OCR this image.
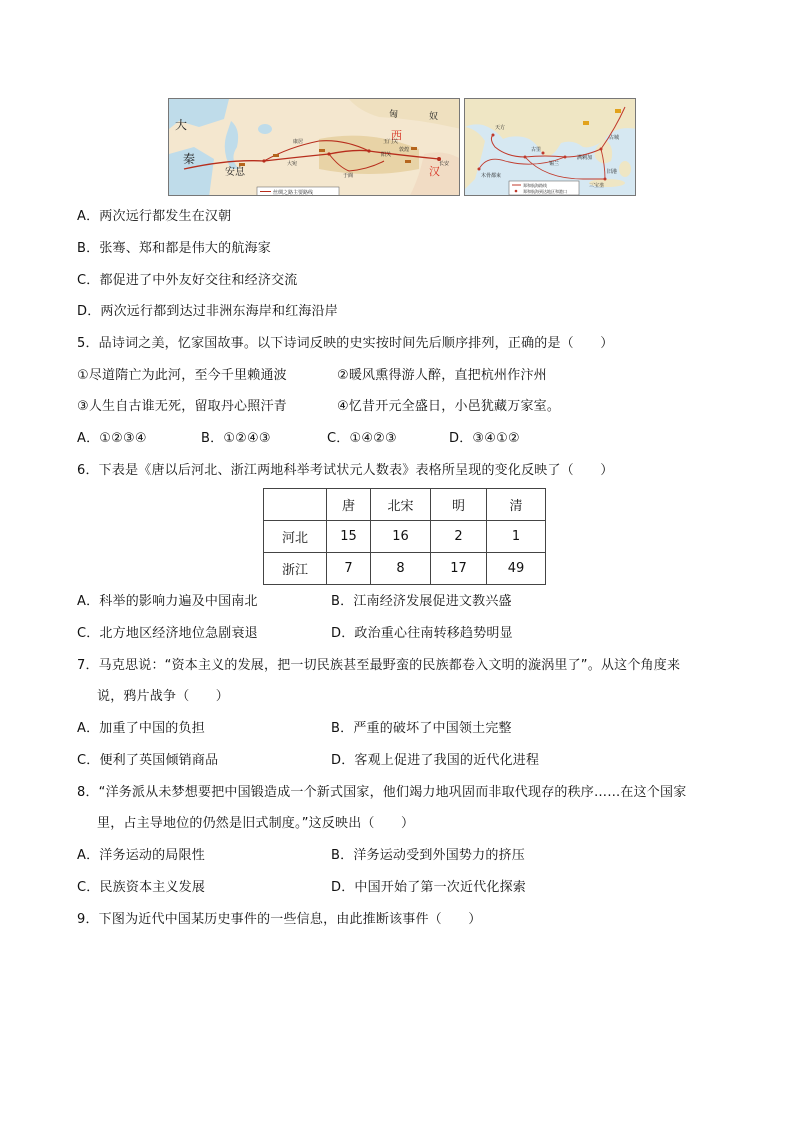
大
秦
安息
大宛
康居
匈	奴
西
汉
长安
于阗
玉门关
阳关
敦煌
丝绸之路主要路线
天方
锡兰
古里
满剌加
木骨都束
三宝垄
旧港
占城
郑和航海路线
郑和航海到达地区和港口
A．两次远行都发生在汉朝
B．张骞、郑和都是伟大的航海家
C．都促进了中外友好交往和经济交流
D．两次远行都到达过非洲东海岸和红海沿岸
5．品诗词之美，忆家国故事。以下诗词反映的史实按时间先后顺序排列，正确的是（　　）
①尽道隋亡为此河，至今千里赖通波	②暖风熏得游人醉，直把杭州作汴州
③人生自古谁无死，留取丹心照汗青	④忆昔开元全盛日，小邑犹藏万家室。
A．①②③④	B．①②④③	C．①④②③	D．③④①②
6．下表是《唐以后河北、浙江两地科举考试状元人数表》表格所呈现的变化反映了（　　）
	唐	北宋	明	清
河北	15	16	2	1
浙江	7	8	17	49
A．科举的影响力遍及中国南北	B．江南经济发展促进文教兴盛
C．北方地区经济地位急剧衰退	D．政治重心往南转移趋势明显
7．马克思说：“资本主义的发展，把一切民族甚至最野蛮的民族都卷入文明的漩涡里了”。从这个角度来
说，鸦片战争（　　）
A．加重了中国的负担	B．严重的破坏了中国领土完整
C．便利了英国倾销商品	D．客观上促进了我国的近代化进程
8．“洋务派从未梦想要把中国锻造成一个新式国家，他们竭力地巩固而非取代现存的秩序……在这个国家
里，占主导地位的仍然是旧式制度。”这反映出（　　）
A．洋务运动的局限性	B．洋务运动受到外国势力的挤压
C．民族资本主义发展	D．中国开始了第一次近代化探索
9．下图为近代中国某历史事件的一些信息，由此推断该事件（　　）
